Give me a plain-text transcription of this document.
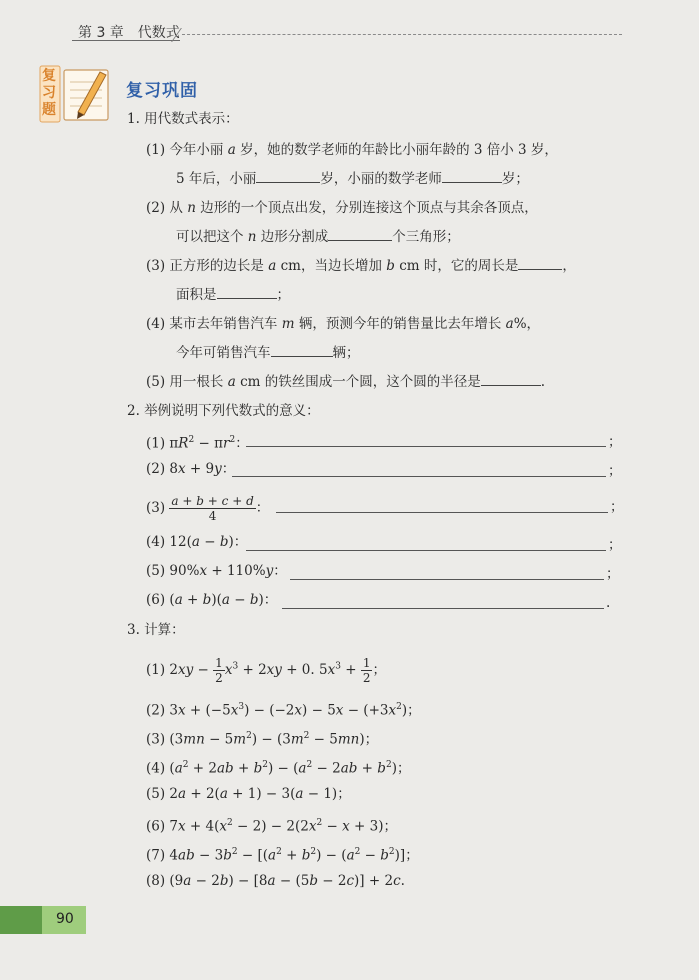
第 3 章　代数式
复习题
复习巩固
1. 用代数式表示：
(1) 今年小丽 a 岁，她的数学老师的年龄比小丽年龄的 3 倍小 3 岁，
5 年后，小丽	岁，小丽的数学老师	岁；
(2) 从 n 边形的一个顶点出发，分别连接这个顶点与其余各顶点，
可以把这个 n 边形分割成	个三角形；
(3) 正方形的边长是 a cm，当边长增加 b cm 时，它的周长是	，
面积是	；
(4) 某市去年销售汽车 m 辆，预测今年的销售量比去年增长 a%，
今年可销售汽车	辆；
(5) 用一根长 a cm 的铁丝围成一个圆，这个圆的半径是	.
2. 举例说明下列代数式的意义：
(1) $\pi R^2 - \pi r^2$：	；
(2) 8x + 9y：	；
$(3) \frac{a + b + c + d}{4}$ ：	；
(4) 12(a − b)：	；
(5) 90%x + 110%y：	；
(6) (a + b)(a − b)：	.
3. 计算：
(1) $2xy - \frac{1}{2} x^3 + 2xy + 0$. $5x^3 + \frac{1}{2}$ ；
(2) $3x + (-5x^3) - (-2x) - 5x - (+3x^2)$；
(3) $(3mn - 5m^2) - (3m^2 - 5mn)$；
(4) $(a^2 + 2ab + b^2) - (a^2 - 2ab + b^2)$；
(5) 2a + 2(a + 1) − 3(a − 1)；
(6) $7x + 4(x^2 - 2) - 2(2x^2 - x + 3)$；
(7) $4ab - 3b^2 - [(a^2 + b^2) - (a^2 - b^2)]$；
(8) (9a − 2b) − [8a − (5b − 2c)] + 2c.
90
